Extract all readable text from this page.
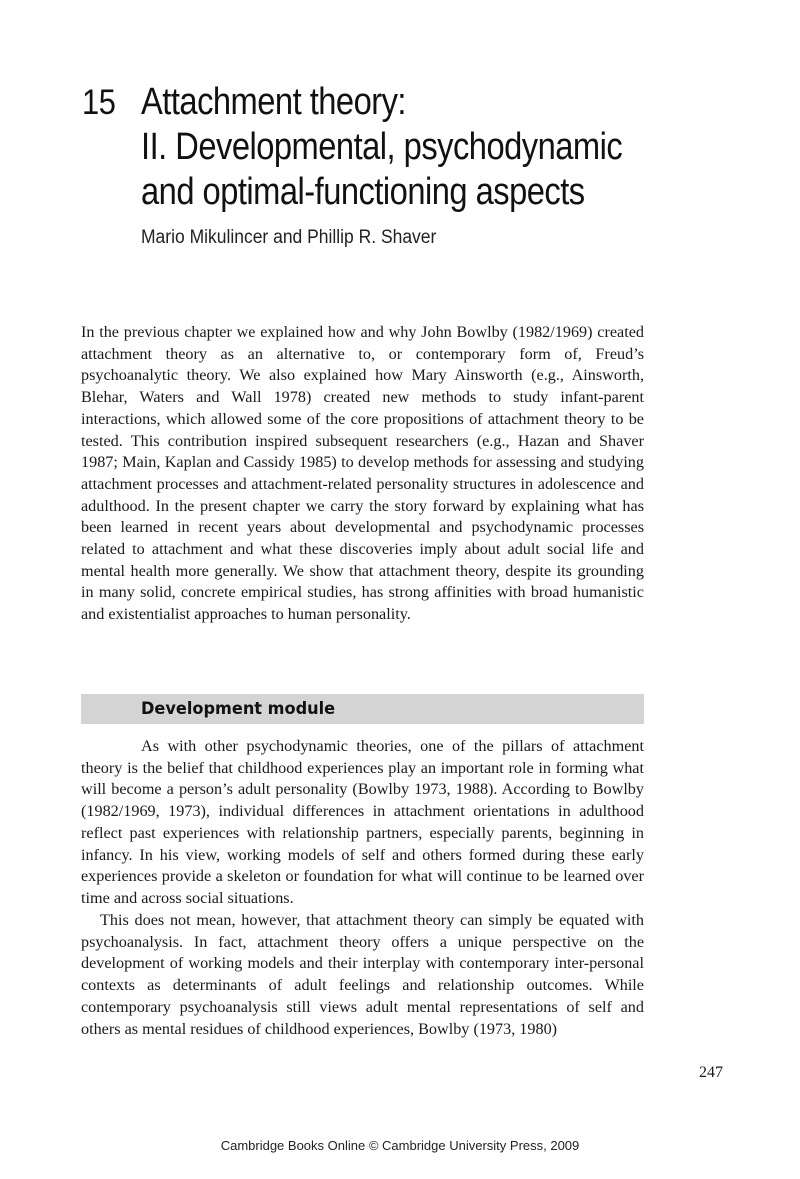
15 Attachment theory:
II. Developmental, psychodynamic
and optimal-functioning aspects
Mario Mikulincer and Phillip R. Shaver

In the previous chapter we explained how and why John Bowlby (1982/1969) created attachment theory as an alternative to, or contemporary form of, Freud’s psychoanalytic theory. We also explained how Mary Ainsworth (e.g., Ainsworth, Blehar, Waters and Wall 1978) created new methods to study infant-parent interactions, which allowed some of the core propositions of attachment theory to be tested. This contribution inspired subsequent researchers (e.g., Hazan and Shaver 1987; Main, Kaplan and Cassidy 1985) to develop methods for assessing and studying attachment processes and attachment-related personality structures in adolescence and adulthood. In the present chapter we carry the story forward by explaining what has been learned in recent years about developmental and psychodynamic processes related to attachment and what these discoveries imply about adult social life and mental health more generally. We show that attachment theory, despite its grounding in many solid, concrete empirical studies, has strong affinities with broad humanistic and existentialist approaches to human personality.

Development module

As with other psychodynamic theories, one of the pillars of attachment theory is the belief that childhood experiences play an important role in forming what will become a person’s adult personality (Bowlby 1973, 1988). According to Bowlby (1982/1969, 1973), individual differences in attachment orientations in adulthood reflect past experiences with relationship partners, especially parents, beginning in infancy. In his view, working models of self and others formed during these early experiences provide a skeleton or foundation for what will continue to be learned over time and across social situations.

This does not mean, however, that attachment theory can simply be equated with psychoanalysis. In fact, attachment theory offers a unique perspective on the development of working models and their interplay with contemporary inter-personal contexts as determinants of adult feelings and relationship outcomes. While contemporary psychoanalysis still views adult mental representations of self and others as mental residues of childhood experiences, Bowlby (1973, 1980)

247
Cambridge Books Online © Cambridge University Press, 2009
